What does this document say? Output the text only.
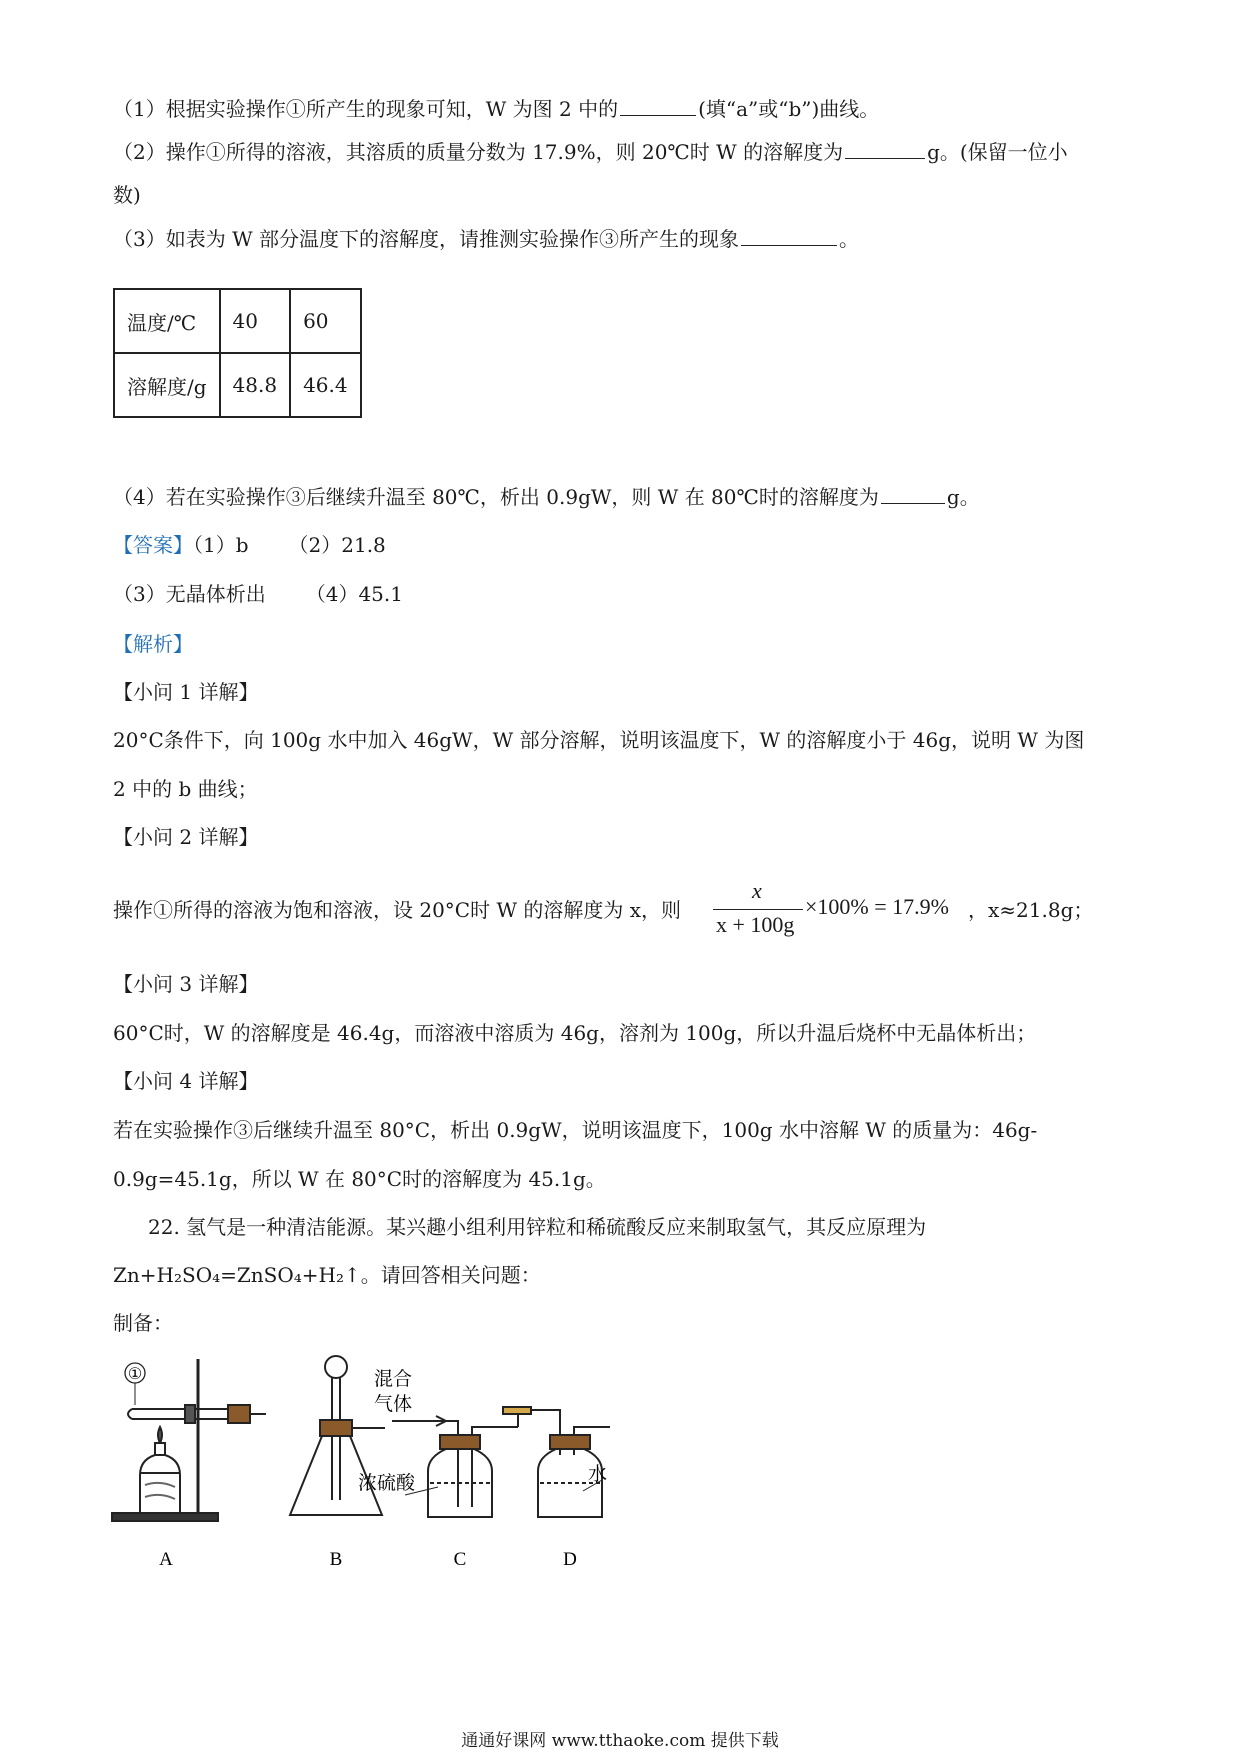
（1）根据实验操作①所产生的现象可知，W 为图 2 中的	(填“a”或“b”)曲线。
（2）操作①所得的溶液，其溶质的质量分数为 17.9%，则 20℃时 W 的溶解度为	g。(保留一位小
数)
（3）如表为 W 部分温度下的溶解度，请推测实验操作③所产生的现象	。
温度/℃	40	60
溶解度/g	48.8	46.4
（4）若在实验操作③后继续升温至 80℃，析出 0.9gW，则 W 在 80℃时的溶解度为	g。
【答案】（1）b （2）21.8
（3）无晶体析出 （4）45.1
【解析】
【小问 1 详解】
20°C条件下，向 100g 水中加入 46gW，W 部分溶解，说明该温度下，W 的溶解度小于 46g，说明 W 为图
2 中的 b 曲线；
【小问 2 详解】
操作①所得的溶液为饱和溶液，设 20°C时 W 的溶解度为 x，则
x
x + 100g
×100% = 17.9% ，x≈21.8g；
【小问 3 详解】
60°C时，W 的溶解度是 46.4g，而溶液中溶质为 46g，溶剂为 100g，所以升温后烧杯中无晶体析出；
【小问 4 详解】
若在实验操作③后继续升温至 80°C，析出 0.9gW，说明该温度下，100g 水中溶解 W 的质量为：46g-
0.9g=45.1g，所以 W 在 80°C时的溶解度为 45.1g。
22. 氢气是一种清洁能源。某兴趣小组利用锌粒和稀硫酸反应来制取氢气，其反应原理为
Zn+H₂SO₄=ZnSO₄+H₂↑。请回答相关问题：
制备：
A
①
B
混合
气体
浓硫酸	水
C	D
通通好课网 www.tthaoke.com 提供下载
